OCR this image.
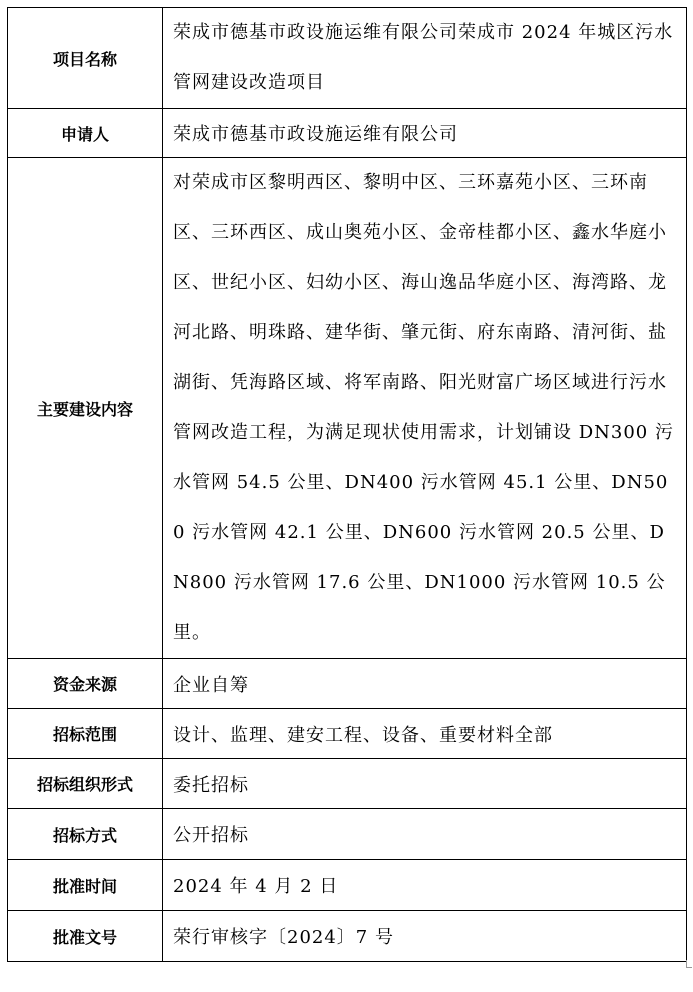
项目名称	荣成市德基市政设施运维有限公司荣成市 2024 年城区污水管网建设改造项目
申请人	荣成市德基市政设施运维有限公司
主要建设内容	对荣成市区黎明西区、黎明中区、三环嘉苑小区、三环南区、三环西区、成山奥苑小区、金帝桂都小区、鑫水华庭小区、世纪小区、妇幼小区、海山逸品华庭小区、海湾路、龙河北路、明珠路、建华街、肇元街、府东南路、清河街、盐湖街、凭海路区域、将军南路、阳光财富广场区域进行污水管网改造工程，为满足现状使用需求，计划铺设 DN300 污水管网 54.5 公里、DN400 污水管网 45.1 公里、DN500 污水管网 42.1 公里、DN600 污水管网 20.5 公里、DN800 污水管网 17.6 公里、DN1000 污水管网 10.5 公里。
资金来源	企业自筹
招标范围	设计、监理、建安工程、设备、重要材料全部
招标组织形式	委托招标
招标方式	公开招标
批准时间	2024 年 4 月 2 日
批准文号	荣行审核字〔2024〕7 号
